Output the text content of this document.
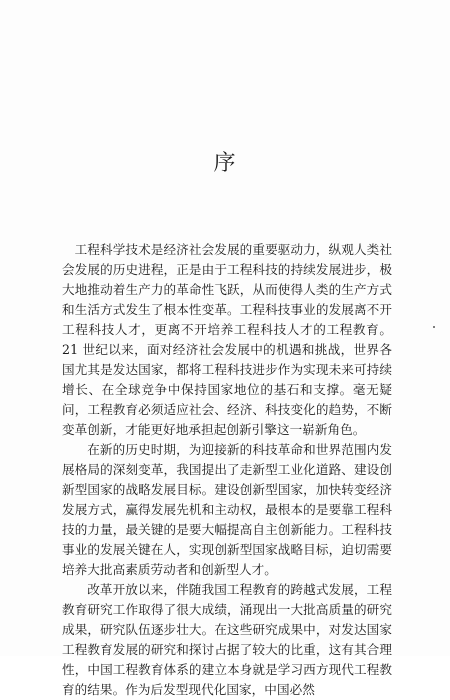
序

工程科学技术是经济社会发展的重要驱动力，纵观人类社会发展的历史进程，正是由于工程科技的持续发展进步，极大地推动着生产力的革命性飞跃，从而使得人类的生产方式和生活方式发生了根本性变革。工程科技事业的发展离不开工程科技人才，更离不开培养工程科技人才的工程教育。21 世纪以来，面对经济社会发展中的机遇和挑战，世界各国尤其是发达国家，都将工程科技进步作为实现未来可持续增长、在全球竞争中保持国家地位的基石和支撑。毫无疑问，工程教育必须适应社会、经济、科技变化的趋势，不断变革创新，才能更好地承担起创新引擎这一崭新角色。

在新的历史时期，为迎接新的科技革命和世界范围内发展格局的深刻变革，我国提出了走新型工业化道路、建设创新型国家的战略发展目标。建设创新型国家，加快转变经济发展方式，赢得发展先机和主动权，最根本的是要靠工程科技的力量，最关键的是要大幅提高自主创新能力。工程科技事业的发展关键在人，实现创新型国家战略目标，迫切需要培养大批高素质劳动者和创新型人才。

改革开放以来，伴随我国工程教育的跨越式发展，工程教育研究工作取得了很大成绩，涌现出一大批高质量的研究成果，研究队伍逐步壮大。在这些研究成果中，对发达国家工程教育发展的研究和探讨占据了较大的比重，这有其合理性，中国工程教育体系的建立本身就是学习西方现代工程教育的结果。作为后发型现代化国家，中国必然
